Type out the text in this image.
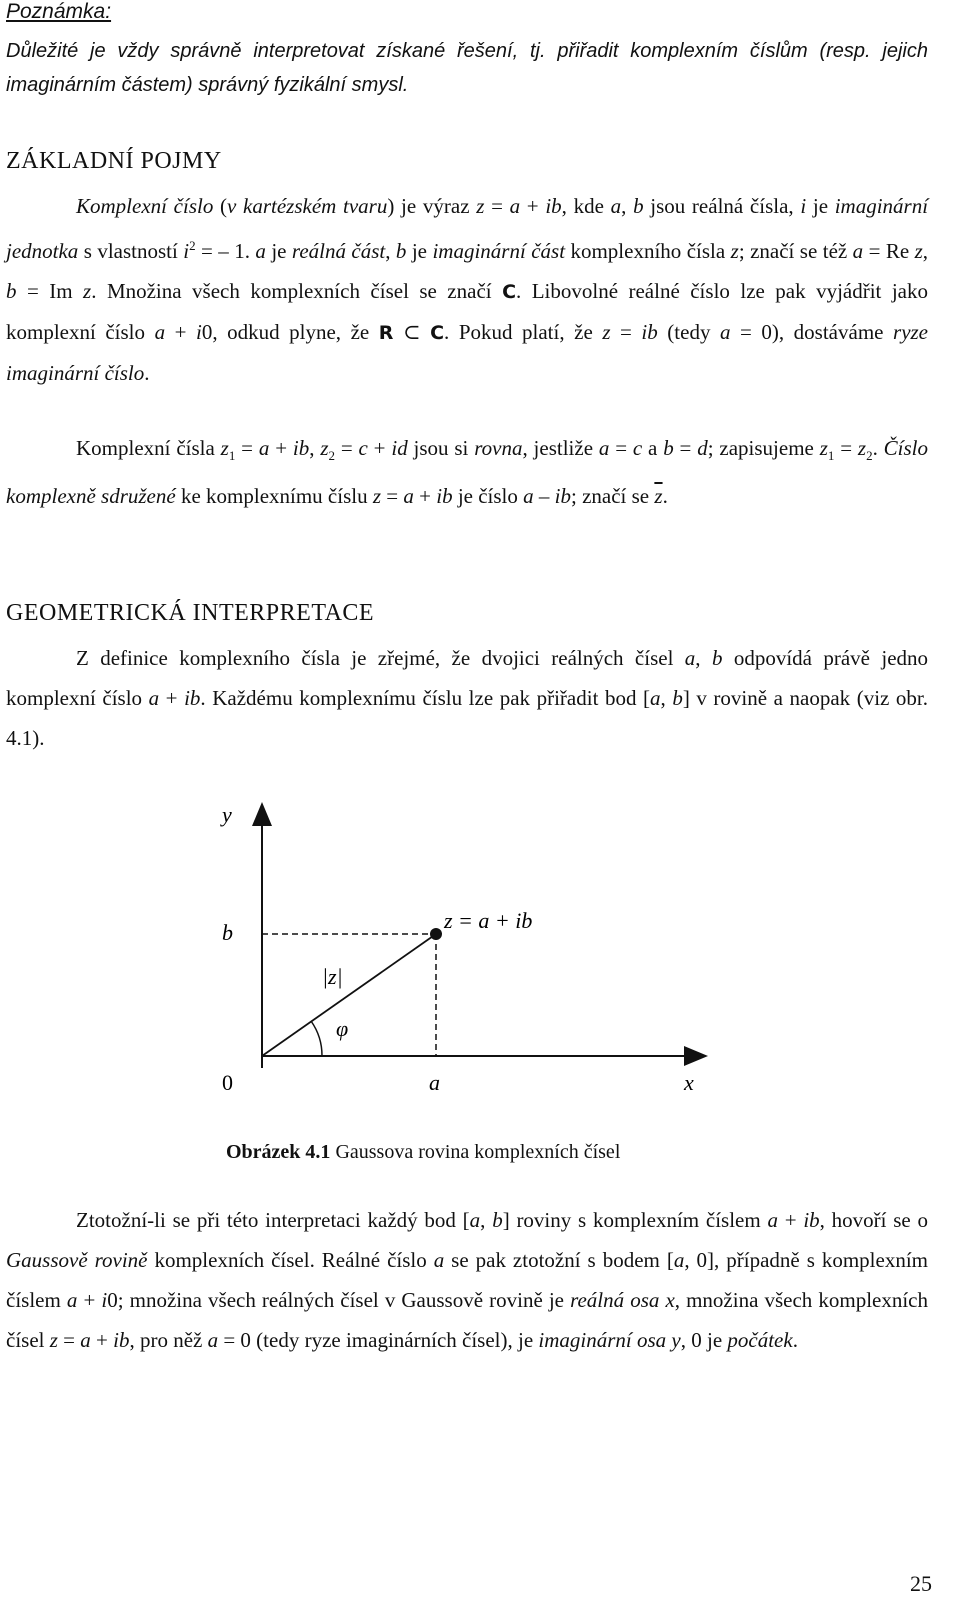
Poznámka:
Důležité je vždy správně interpretovat získané řešení, tj. přiřadit komplexním číslům (resp. jejich imaginárním částem) správný fyzikální smysl.
ZÁKLADNÍ POJMY
Komplexní číslo (v kartézském tvaru) je výraz z = a + ib, kde a, b jsou reálná čísla, i je imaginární jednotka s vlastností $i^2$ = – 1. a je reálná část, b je imaginární část komplexního čísla z; značí se též a = Re z, b = Im z. Množina všech komplexních čísel se značí C. Libovolné reálné číslo lze pak vyjádřit jako komplexní číslo a + i0, odkud plyne, že R ⊂ C. Pokud platí, že z = ib (tedy a = 0), dostáváme ryze imaginární číslo.
Komplexní čísla $z_1 = a$ + ib, $z_2 = c$ + id jsou si rovna, jestliže a = c a b = d; zapisujeme $z_1 = z_2$. Číslo komplexně sdružené ke komplexnímu číslu z = a + ib je číslo a – ib; značí se $\overline{z}$.
GEOMETRICKÁ INTERPRETACE
Z definice komplexního čísla je zřejmé, že dvojici reálných čísel a, b odpovídá právě jedno komplexní číslo a + ib. Každému komplexnímu číslu lze pak přiřadit bod [a, b] v rovině a naopak (viz obr. 4.1).
y
x
0	a
b	z = a + ib
|z|
φ
Obrázek 4.1 Gaussova rovina komplexních čísel
Ztotožní-li se při této interpretaci každý bod [a, b] roviny s komplexním číslem a + ib, hovoří se o Gaussově rovině komplexních čísel. Reálné číslo a se pak ztotožní s bodem [a, 0], případně s komplexním číslem a + i0; množina všech reálných čísel v Gaussově rovině je reálná osa x, množina všech komplexních čísel z = a + ib, pro něž a = 0 (tedy ryze imaginárních čísel), je imaginární osa y, 0 je počátek.
25
